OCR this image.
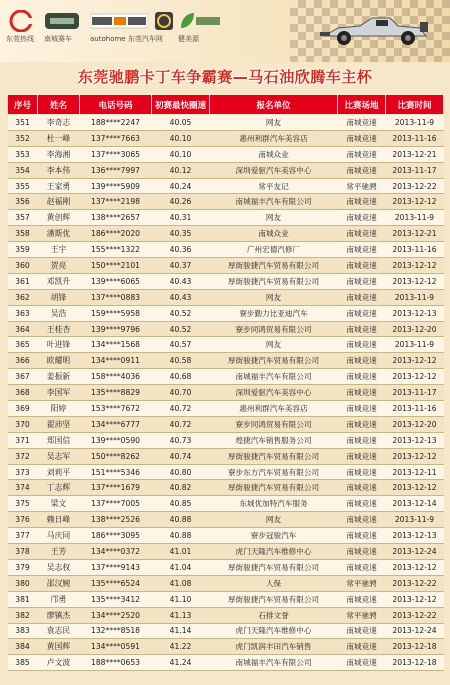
东莞热线 南城赛车	autohome 东莞汽车网 健美源
东莞驰鹏卡丁车争霸赛—马石油欣腾车主杯
序号	姓名	电话号码	初赛最快圈速	报名单位	比赛场地	比赛时间
351	李奇志	188****2247	40.05	网友	南城竞速	2013-11-9
352	杜一峰	137****7663	40.10	惠州利群汽车美容店	南城竞速	2013-11-16
353	李海湘	137****3065	40.10	南城众业	南城竞速	2013-12-21
354	李本伟	136****7997	40.12	深圳爱驱汽车美容中心	南城竞速	2013-11-17
355	王家勇	139****5909	40.24	常平友记	常平驰骋	2013-12-22
356	赵福刚	137****2198	40.26	南城福丰汽车有限公司	南城竞速	2013-12-12
357	黄创辉	138****2657	40.31	网友	南城竞速	2013-11-9
358	潘斯优	186****2020	40.35	南城众业	南城竞速	2013-12-21
359	王宇	155****1322	40.36	广州宏德汽修厂	南城竞速	2013-11-16
360	贺亮	150****2101	40.37	厚街骏捷汽车贸易有限公司	南城竞速	2013-12-12
361	邓凯升	139****6065	40.43	厚街骏捷汽车贸易有限公司	南城竞速	2013-12-12
362	胡锋	137****0883	40.43	网友	南城竞速	2013-11-9
363	吴浩	159****5958	40.52	寮步勤力比亚迪汽车	南城竞速	2013-12-13
364	王桂杏	139****9796	40.52	寮步同鸿贸易有限公司	南城竞速	2013-12-20
365	叶进锋	134****1568	40.57	网友	南城竞速	2013-11-9
366	欧耀明	134****0911	40.58	厚街骏捷汽车贸易有限公司	南城竞速	2013-12-12
367	姜振新	158****4036	40.68	南城福丰汽车有限公司	南城竞速	2013-12-12
368	李国军	135****8829	40.70	深圳爱驱汽车美容中心	南城竞速	2013-11-17
369	阳婷	153****7672	40.72	惠州利群汽车美容店	南城竞速	2013-11-16
370	翟沛坚	134****6777	40.72	寮步同鸿贸易有限公司	南城竞速	2013-12-20
371	郑国信	139****0590	40.73	煌捷汽车销售服务公司	南城竞速	2013-12-13
372	吴志军	150****8262	40.74	厚街骏捷汽车贸易有限公司	南城竞速	2013-12-12
373	刘莉平	151****5346	40.80	寮步东方汽车贸易有限公司	南城竞速	2013-12-11
374	丁志辉	137****1679	40.82	厚街骏捷汽车贸易有限公司	南城竞速	2013-12-12
375	梁文	137****7005	40.85	东城优加特汽车服务	南城竞速	2013-12-14
376	赖日峰	138****2526	40.88	网友	南城竞速	2013-11-9
377	马庆同	186****3095	40.88	寮步冠骏汽车	南城竞速	2013-12-13
378	王芳	134****0372	41.01	虎门天隆汽车维修中心	南城竞速	2013-12-24
379	吴志权	137****9143	41.04	厚街骏捷汽车贸易有限公司	南城竞速	2013-12-12
380	邵汉婉	135****6524	41.08	人保	常平驰骋	2013-12-22
381	邝勇	135****3412	41.10	厚街骏捷汽车贸易有限公司	南城竞速	2013-12-12
382	廖镇杰	134****2520	41.13	石排文誉	常平驰骋	2013-12-22
383	袁志民	132****8518	41.14	虎门天隆汽车维修中心	南城竞速	2013-12-24
384	黄国辉	134****0591	41.22	虎门凯润丰田汽车销售	南城竞速	2013-12-18
385	卢文波	188****0653	41.24	南城福丰汽车有限公司	南城竞速	2013-12-18
